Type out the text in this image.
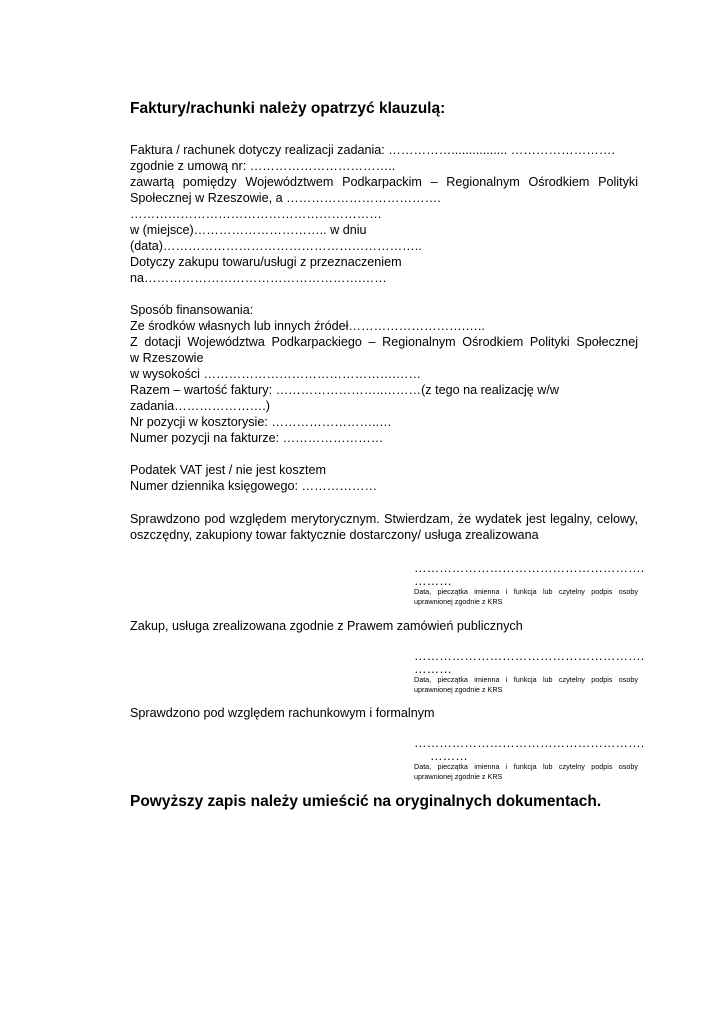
Faktury/rachunki należy opatrzyć klauzulą:
Faktura / rachunek dotyczy realizacji zadania: ……………................ …………………….
zgodnie z umową nr: ……………………………..
zawartą pomiędzy Województwem Podkarpackim – Regionalnym Ośrodkiem Polityki
Społecznej w Rzeszowie, a ……………………………….
……………………………………………………
w (miejsce)………………………….. w dniu
(data)……………………………………………………..
Dotyczy zakupu towaru/usługi z przeznaczeniem
na…………………………………………….……
Sposób finansowania:
Ze środków własnych lub innych źródeł……………………….…..
Z dotacji Województwa Podkarpackiego – Regionalnym Ośrodkiem Polityki Społecznej
w Rzeszowie
w wysokości ……………………………………….……
Razem – wartość faktury: ……………………..………(z tego na realizację w/w
zadania………………….)
Nr pozycji w kosztorysie: ……………………..…
Numer pozycji na fakturze: ……………………
Podatek VAT jest / nie jest kosztem
Numer dziennika księgowego: ………………
Sprawdzono pod względem merytorycznym. Stwierdzam, że wydatek jest legalny, celowy,
oszczędny, zakupiony towar faktycznie dostarczony/ usługa zrealizowana
……………………………………………….
………
Data, pieczątka imienna i funkcja lub czytelny podpis osoby uprawnionej zgodnie z KRS
Zakup, usługa zrealizowana zgodnie z Prawem zamówień publicznych
……………………………………………….
………
Data, pieczątka imienna i funkcja lub czytelny podpis osoby uprawnionej zgodnie z KRS
Sprawdzono pod względem rachunkowym i formalnym
……………………………………………….
………
Data, pieczątka imienna i funkcja lub czytelny podpis osoby uprawnionej zgodnie z KRS
Powyższy zapis należy umieścić na oryginalnych dokumentach.
